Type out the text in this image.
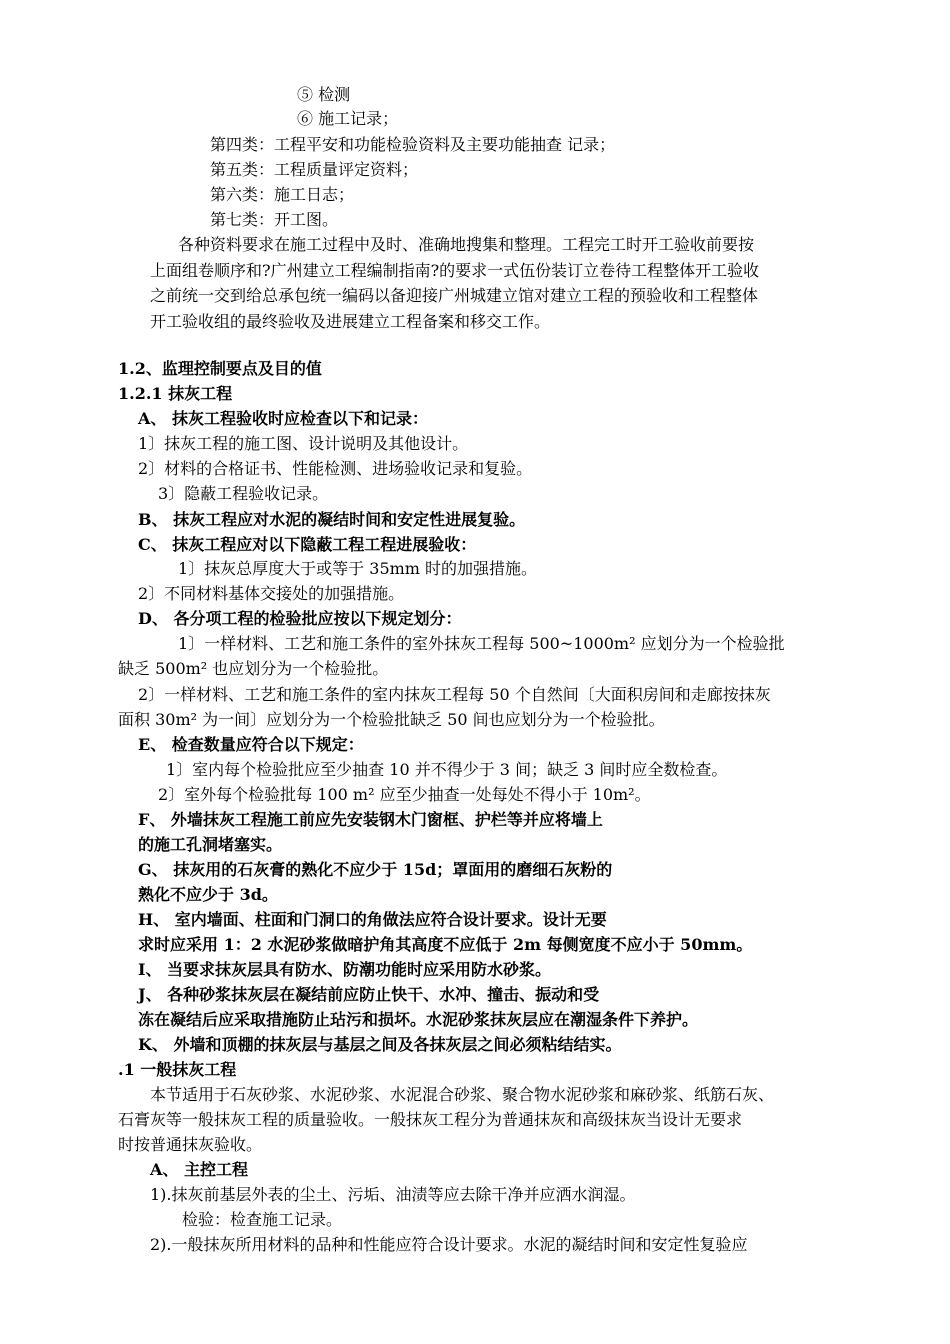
⑤ 检测
⑥ 施工记录；
第四类：工程平安和功能检验资料及主要功能抽查 记录；
第五类：工程质量评定资料；
第六类：施工日志；
第七类：开工图。
各种资料要求在施工过程中及时、准确地搜集和整理。工程完工时开工验收前要按
上面组卷顺序和?广州建立工程编制指南?的要求一式伍份装订立卷待工程整体开工验收
之前统一交到给总承包统一编码以备迎接广州城建立馆对建立工程的预验收和工程整体
开工验收组的最终验收及进展建立工程备案和移交工作。
1.2、监理控制要点及目的值
1.2.1 抹灰工程
A、 抹灰工程验收时应检查以下和记录：
1〕抹灰工程的施工图、设计说明及其他设计。
2〕材料的合格证书、性能检测、进场验收记录和复验。
3〕隐蔽工程验收记录。
B、 抹灰工程应对水泥的凝结时间和安定性进展复验。
C、 抹灰工程应对以下隐蔽工程工程进展验收：
1〕抹灰总厚度大于或等于 35mm 时的加强措施。
2〕不同材料基体交接处的加强措施。
D、 各分项工程的检验批应按以下规定划分：
1〕一样材料、工艺和施工条件的室外抹灰工程每 500~1000m² 应划分为一个检验批
缺乏 500m² 也应划分为一个检验批。
2〕一样材料、工艺和施工条件的室内抹灰工程每 50 个自然间〔大面积房间和走廊按抹灰
面积 30m² 为一间〕应划分为一个检验批缺乏 50 间也应划分为一个检验批。
E、 检查数量应符合以下规定：
1〕室内每个检验批应至少抽查 10 并不得少于 3 间；缺乏 3 间时应全数检查。
2〕室外每个检验批每 100 m² 应至少抽查一处每处不得小于 10m²。
F、 外墙抹灰工程施工前应先安装钢木门窗框、护栏等并应将墙上
的施工孔洞堵塞实。
G、 抹灰用的石灰膏的熟化不应少于 15d；罩面用的磨细石灰粉的
熟化不应少于 3d。
H、 室内墙面、柱面和门洞口的角做法应符合设计要求。设计无要
求时应采用 1：2 水泥砂浆做暗护角其高度不应低于 2m 每侧宽度不应小于 50mm。
I、 当要求抹灰层具有防水、防潮功能时应采用防水砂浆。
J、 各种砂浆抹灰层在凝结前应防止快干、水冲、撞击、振动和受
冻在凝结后应采取措施防止玷污和损坏。水泥砂浆抹灰层应在潮湿条件下养护。
K、 外墙和顶棚的抹灰层与基层之间及各抹灰层之间必须粘结结实。
.1 一般抹灰工程
本节适用于石灰砂浆、水泥砂浆、水泥混合砂浆、聚合物水泥砂浆和麻砂浆、纸筋石灰、
石膏灰等一般抹灰工程的质量验收。一般抹灰工程分为普通抹灰和高级抹灰当设计无要求
时按普通抹灰验收。
A、 主控工程
1).抹灰前基层外表的尘土、污垢、油渍等应去除干净并应洒水润湿。
检验：检查施工记录。
2).一般抹灰所用材料的品种和性能应符合设计要求。水泥的凝结时间和安定性复验应
